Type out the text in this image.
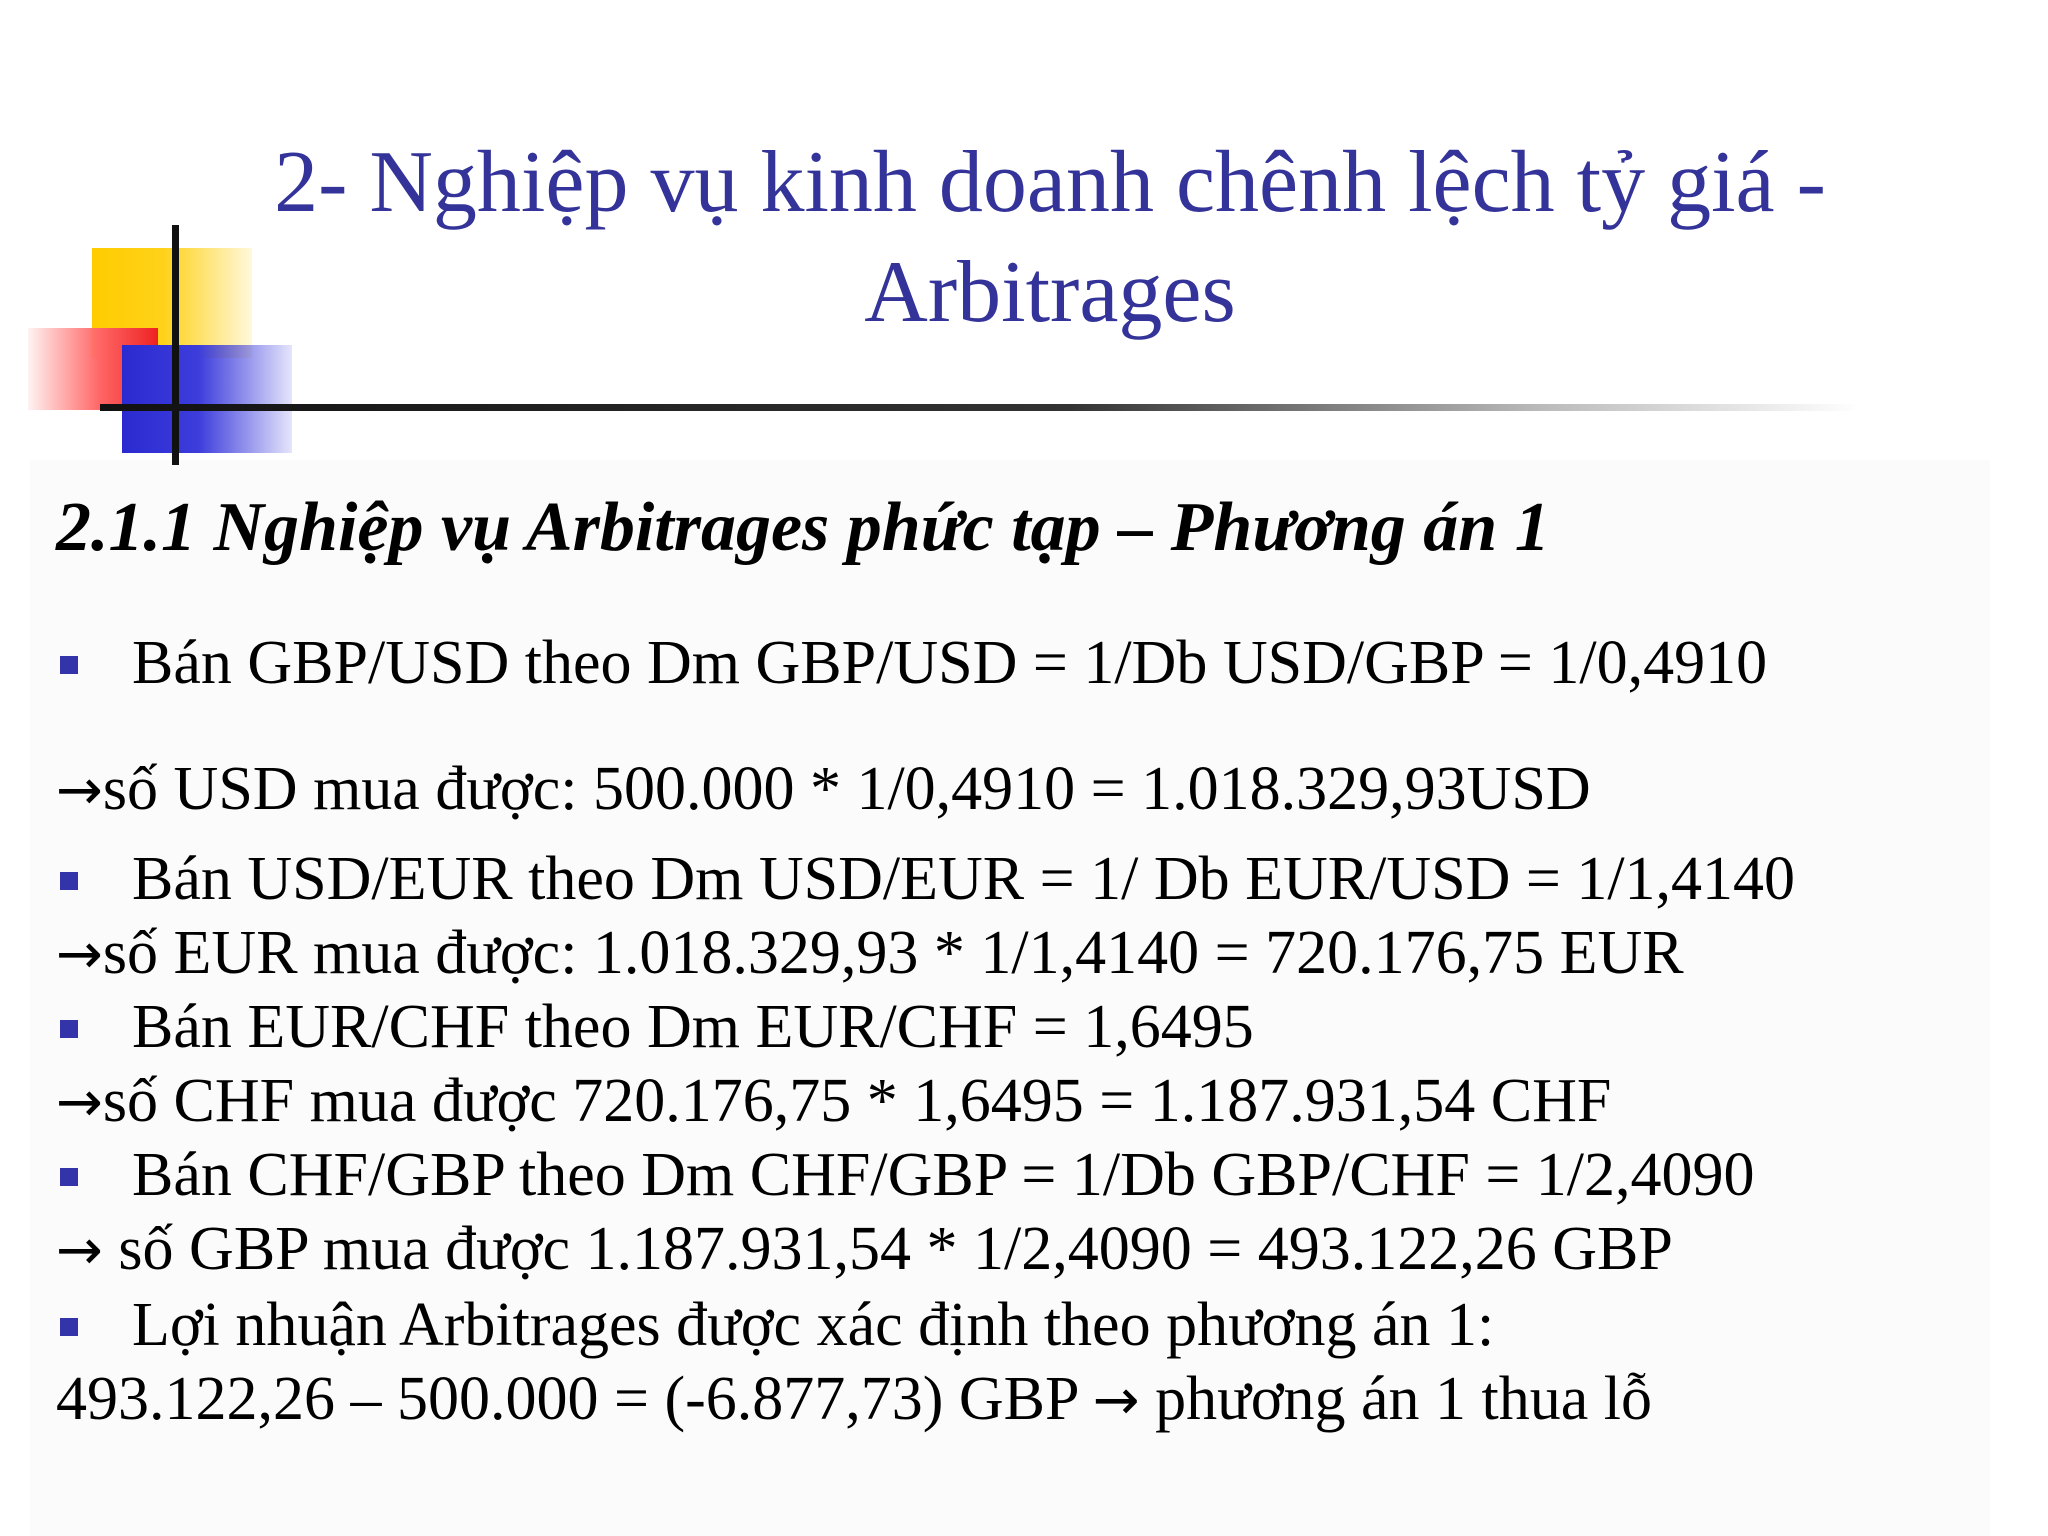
2- Nghiệp vụ kinh doanh chênh lệch tỷ giá -
Arbitrages
2.1.1 Nghiệp vụ Arbitrages phức tạp – Phương án 1
Bán GBP/USD theo Dm GBP/USD = 1/Db USD/GBP = 1/0,4910
→số USD mua được: 500.000 * 1/0,4910 = 1.018.329,93USD
Bán USD/EUR theo Dm USD/EUR = 1/ Db EUR/USD = 1/1,4140
→số EUR mua được: 1.018.329,93 * 1/1,4140 = 720.176,75 EUR
Bán EUR/CHF theo Dm EUR/CHF = 1,6495
→số CHF mua được 720.176,75 * 1,6495 = 1.187.931,54 CHF
Bán CHF/GBP theo Dm CHF/GBP = 1/Db GBP/CHF = 1/2,4090
→ số GBP mua được 1.187.931,54 * 1/2,4090 = 493.122,26 GBP
Lợi nhuận Arbitrages được xác định theo phương án 1:
493.122,26 – 500.000 = (-6.877,73) GBP → phương án 1 thua lỗ
